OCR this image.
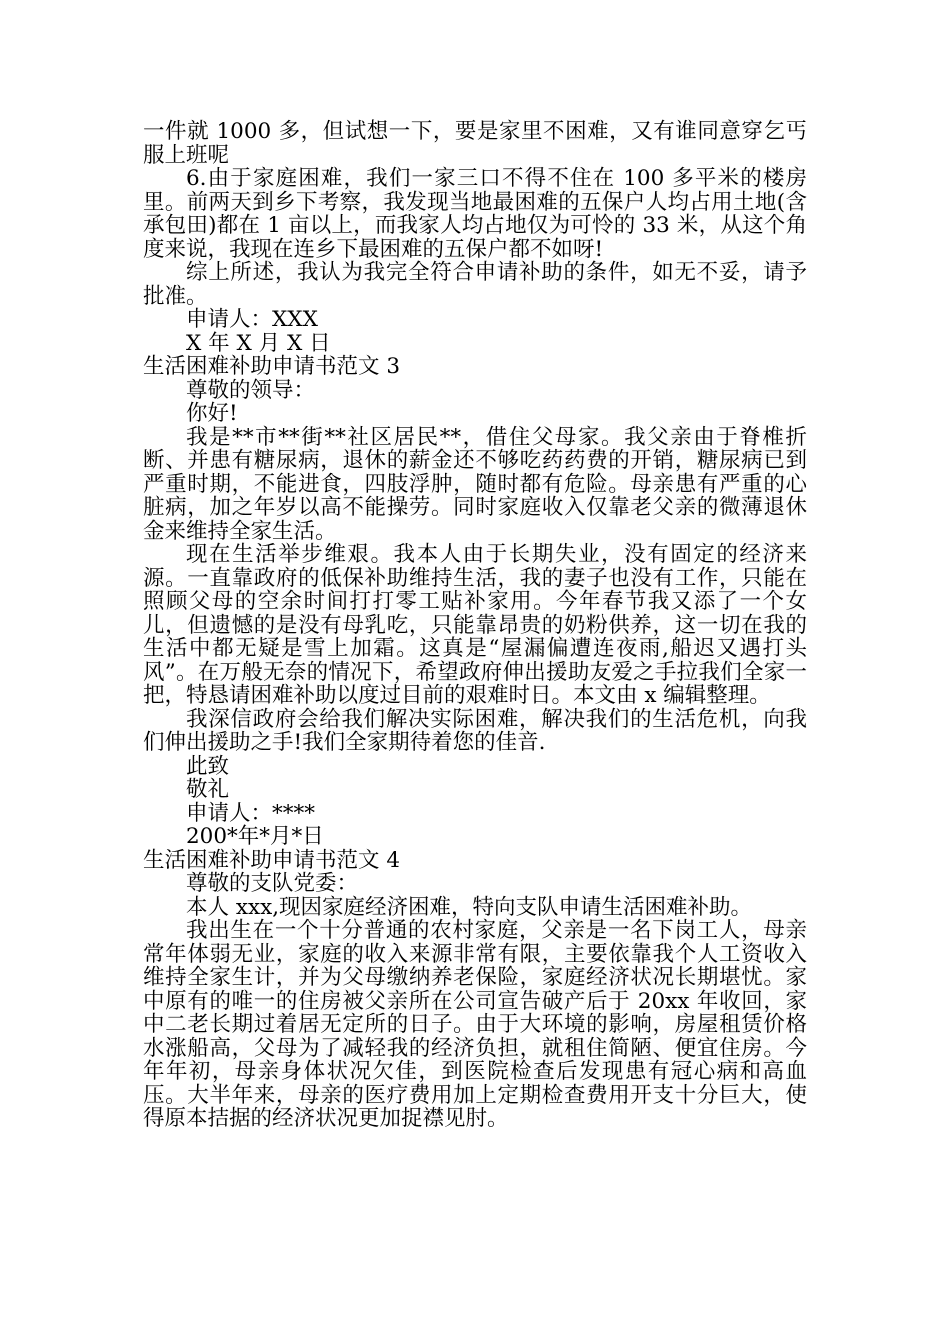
一件就 1000 多，但试想一下，要是家里不困难，又有谁同意穿乞丐服上班呢

6.由于家庭困难，我们一家三口不得不住在 100 多平米的楼房里。前两天到乡下考察，我发现当地最困难的五保户人均占用土地(含承包田)都在 1 亩以上，而我家人均占地仅为可怜的 33 米，从这个角度来说，我现在连乡下最困难的五保户都不如呀!

综上所述，我认为我完全符合申请补助的条件，如无不妥，请予批准。

申请人：XXX

X 年 X 月 X 日

生活困难补助申请书范文 3

尊敬的领导：

你好!

我是**市**街**社区居民**，借住父母家。我父亲由于脊椎折断、并患有糖尿病，退休的薪金还不够吃药药费的开销，糖尿病已到严重时期，不能进食，四肢浮肿，随时都有危险。母亲患有严重的心脏病，加之年岁以高不能操劳。同时家庭收入仅靠老父亲的微薄退休金来维持全家生活。

现在生活举步维艰。我本人由于长期失业，没有固定的经济来源。一直靠政府的低保补助维持生活，我的妻子也没有工作，只能在照顾父母的空余时间打打零工贴补家用。今年春节我又添了一个女儿，但遗憾的是没有母乳吃，只能靠昂贵的奶粉供养，这一切在我的生活中都无疑是雪上加霜。这真是“屋漏偏遭连夜雨,船迟又遇打头风”。在万般无奈的情况下，希望政府伸出援助友爱之手拉我们全家一把，特恳请困难补助以度过目前的艰难时日。本文由 x 编辑整理。

我深信政府会给我们解决实际困难，解决我们的生活危机，向我们伸出援助之手!我们全家期待着您的佳音.

此致

敬礼

申请人：****

200*年*月*日

生活困难补助申请书范文 4

尊敬的支队党委：

本人 xxx,现因家庭经济困难，特向支队申请生活困难补助。

我出生在一个十分普通的农村家庭，父亲是一名下岗工人，母亲常年体弱无业，家庭的收入来源非常有限，主要依靠我个人工资收入维持全家生计，并为父母缴纳养老保险，家庭经济状况长期堪忧。家中原有的唯一的住房被父亲所在公司宣告破产后于 20xx 年收回，家中二老长期过着居无定所的日子。由于大环境的影响，房屋租赁价格水涨船高，父母为了减轻我的经济负担，就租住简陋、便宜住房。今年年初，母亲身体状况欠佳，到医院检查后发现患有冠心病和高血压。大半年来，母亲的医疗费用加上定期检查费用开支十分巨大，使得原本拮据的经济状况更加捉襟见肘。
